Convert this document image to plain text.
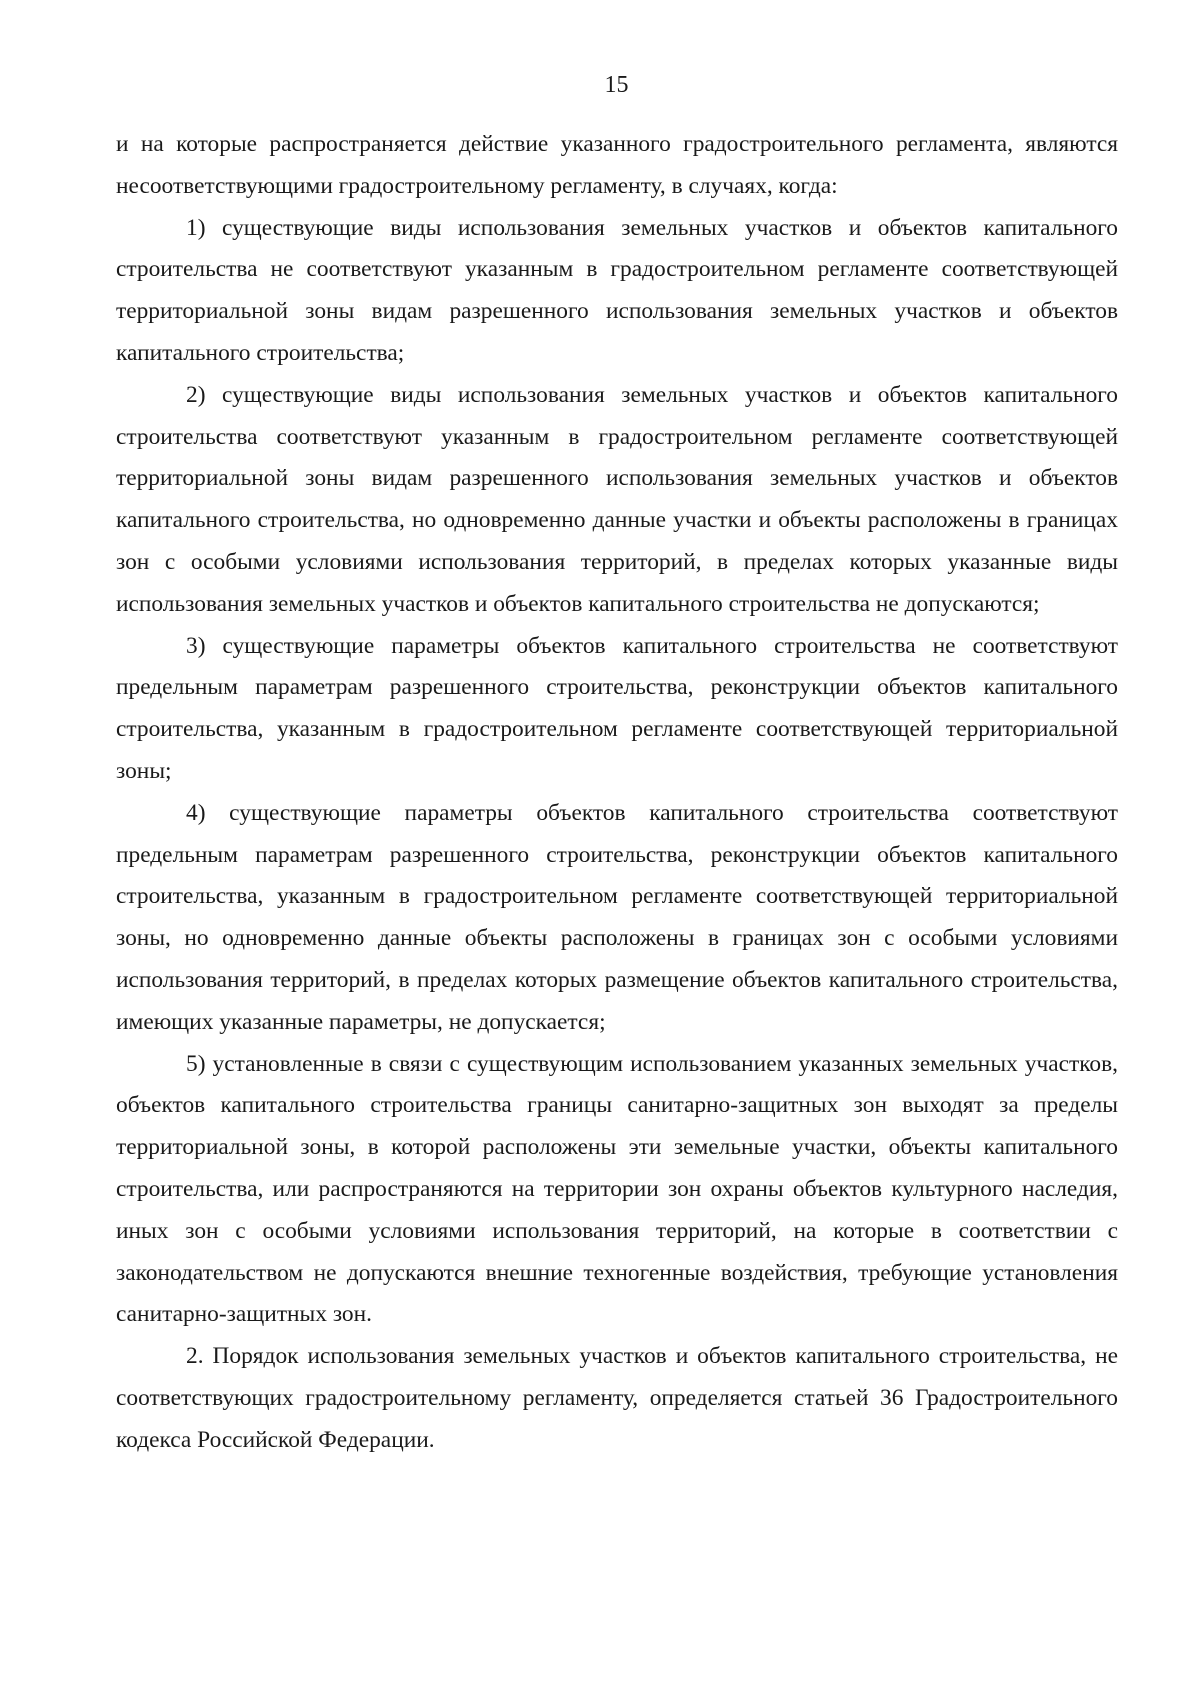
15

и на которые распространяется действие указанного градостроительного регламента, являются несоответствующими градостроительному регламенту, в случаях, когда:

1) существующие виды использования земельных участков и объектов капитального строительства не соответствуют указанным в градостроительном регламенте соответствующей территориальной зоны видам разрешенного использования земельных участков и объектов капитального строительства;

2) существующие виды использования земельных участков и объектов капитального строительства соответствуют указанным в градостроительном регламенте соответствующей территориальной зоны видам разрешенного использования земельных участков и объектов капитального строительства, но одновременно данные участки и объекты расположены в границах зон с особыми условиями использования территорий, в пределах которых указанные виды использования земельных участков и объектов капитального строительства не допускаются;

3) существующие параметры объектов капитального строительства не соответствуют предельным параметрам разрешенного строительства, реконструкции объектов капитального строительства, указанным в градостроительном регламенте соответствующей территориальной зоны;

4) существующие параметры объектов капитального строительства соответствуют предельным параметрам разрешенного строительства, реконструкции объектов капитального строительства, указанным в градостроительном регламенте соответствующей территориальной зоны, но одновременно данные объекты расположены в границах зон с особыми условиями использования территорий, в пределах которых размещение объектов капитального строительства, имеющих указанные параметры, не допускается;

5) установленные в связи с существующим использованием указанных земельных участков, объектов капитального строительства границы санитарно-защитных зон выходят за пределы территориальной зоны, в которой расположены эти земельные участки, объекты капитального строительства, или распространяются на территории зон охраны объектов культурного наследия, иных зон с особыми условиями использования территорий, на которые в соответствии с законодательством не допускаются внешние техногенные воздействия, требующие установления санитарно-защитных зон.

2. Порядок использования земельных участков и объектов капитального строительства, не соответствующих градостроительному регламенту, определяется статьей 36 Градостроительного кодекса Российской Федерации.
